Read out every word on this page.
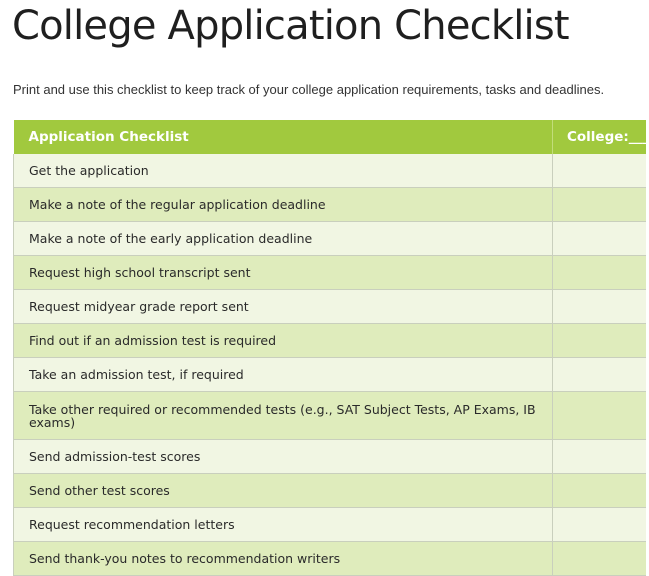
College Application Checklist

Print and use this checklist to keep track of your college application requirements, tasks and deadlines.

Application Checklist	College:___
Get the application	
Make a note of the regular application deadline	
Make a note of the early application deadline	
Request high school transcript sent	
Request midyear grade report sent	
Find out if an admission test is required	
Take an admission test, if required	
Take other required or recommended tests (e.g., SAT Subject Tests, AP Exams, IB exams)	
Send admission-test scores	
Send other test scores	
Request recommendation letters	
Send thank-you notes to recommendation writers	
